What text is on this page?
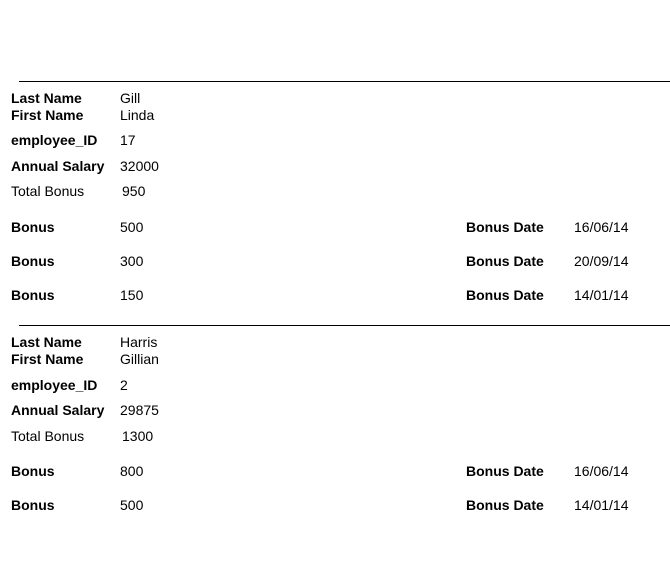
Last Name	Gill
First Name	Linda
employee_ID 17
Annual Salary 32000
Total Bonus	950
Bonus	500	Bonus Date 16/06/14
Bonus	300	Bonus Date 20/09/14
Bonus	150	Bonus Date 14/01/14
Last Name	Harris
First Name	Gillian
employee_ID 2
Annual Salary 29875
Total Bonus	1300
Bonus	800	Bonus Date 16/06/14
Bonus	500	Bonus Date 14/01/14
